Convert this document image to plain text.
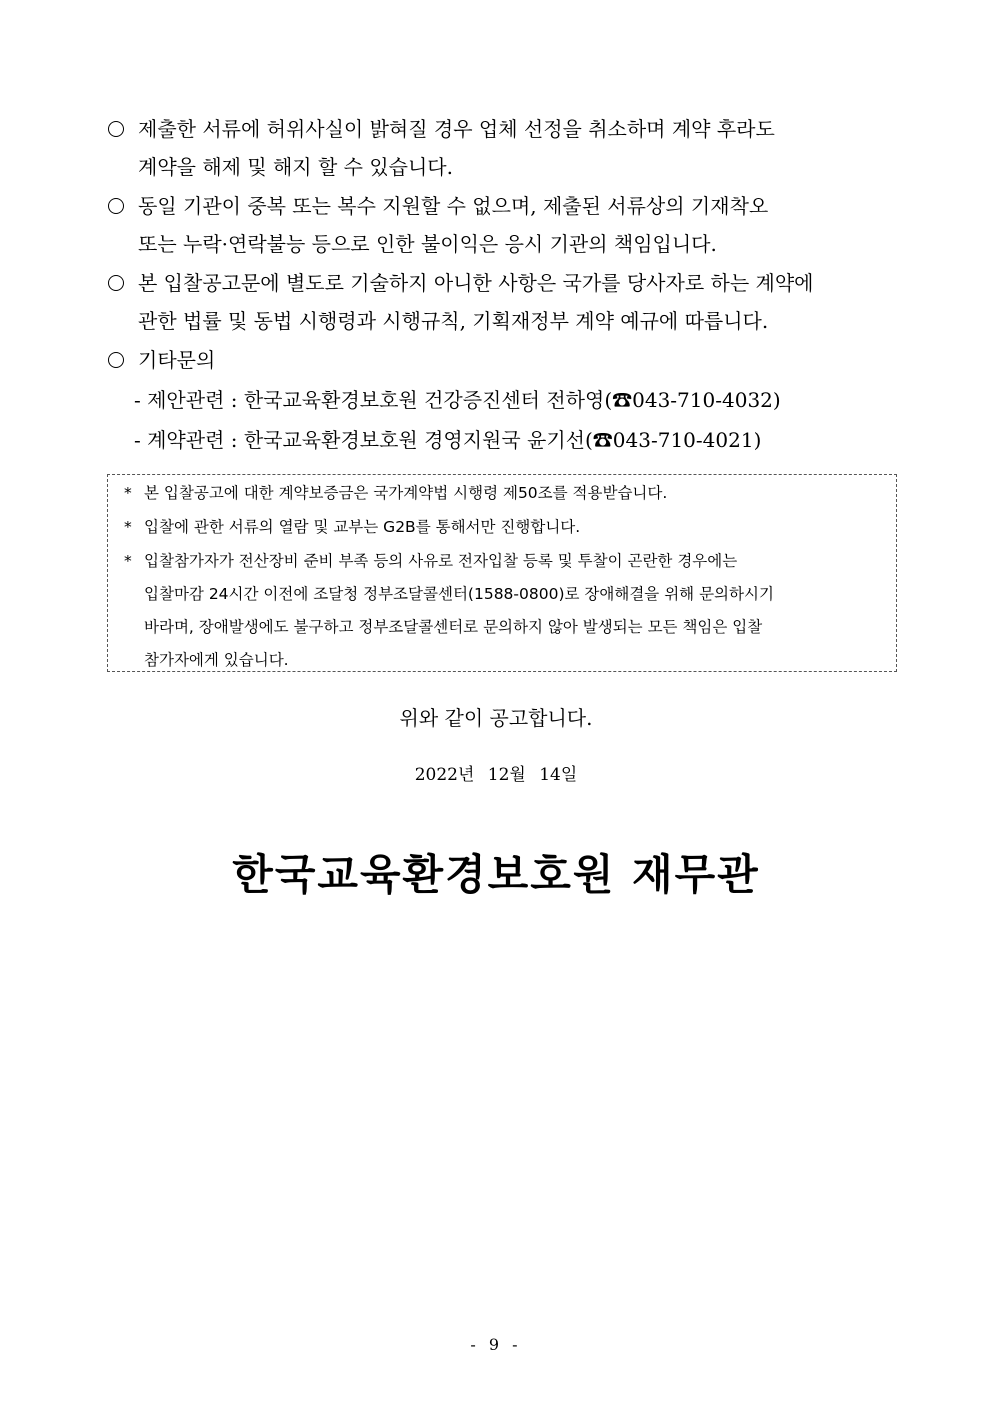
제출한 서류에 허위사실이 밝혀질 경우 업체 선정을 취소하며 계약 후라도
계약을 해제 및 해지 할 수 있습니다.
동일 기관이 중복 또는 복수 지원할 수 없으며, 제출된 서류상의 기재착오
또는 누락·연락불능 등으로 인한 불이익은 응시 기관의 책임입니다.
본 입찰공고문에 별도로 기술하지 아니한 사항은 국가를 당사자로 하는 계약에
관한 법률 및 동법 시행령과 시행규칙, 기획재정부 계약 예규에 따릅니다.
기타문의
- 제안관련 : 한국교육환경보호원 건강증진센터 전하영(☎043-710-4032)
- 계약관련 : 한국교육환경보호원 경영지원국 윤기선(☎043-710-4021)
* 본 입찰공고에 대한 계약보증금은 국가계약법 시행령 제50조를 적용받습니다.
* 입찰에 관한 서류의 열람 및 교부는 G2B를 통해서만 진행합니다.
* 입찰참가자가 전산장비 준비 부족 등의 사유로 전자입찰 등록 및 투찰이 곤란한 경우에는
입찰마감 24시간 이전에 조달청 정부조달콜센터(1588-0800)로 장애해결을 위해 문의하시기
바라며, 장애발생에도 불구하고 정부조달콜센터로 문의하지 않아 발생되는 모든 책임은 입찰
참가자에게 있습니다.
위와 같이 공고합니다.
2022년 12월 14일
한국교육환경보호원 재무관
- 9 -
